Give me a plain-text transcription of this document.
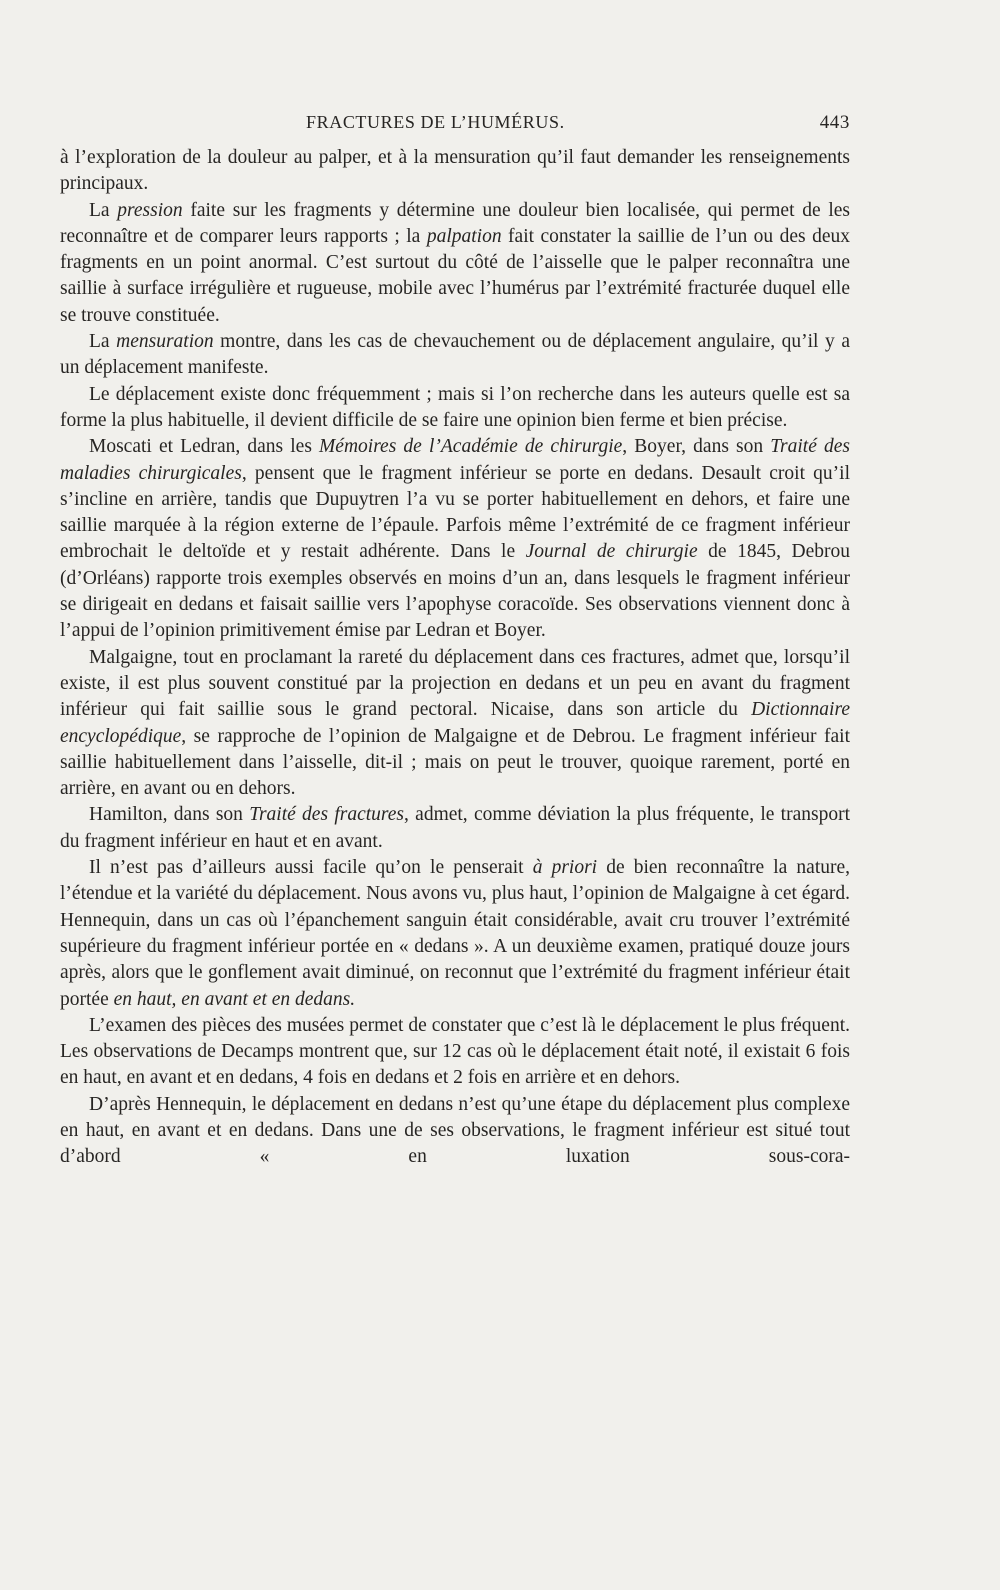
FRACTURES DE L’HUMÉRUS.	443

à l’exploration de la douleur au palper, et à la mensuration qu’il faut demander les renseignements principaux.

La pression faite sur les fragments y détermine une douleur bien localisée, qui permet de les reconnaître et de comparer leurs rapports ; la palpation fait constater la saillie de l’un ou des deux fragments en un point anormal. C’est surtout du côté de l’aisselle que le palper reconnaîtra une saillie à surface irrégulière et rugueuse, mobile avec l’humérus par l’extrémité fracturée duquel elle se trouve constituée.

La mensuration montre, dans les cas de chevauchement ou de déplacement angulaire, qu’il y a un déplacement manifeste.

Le déplacement existe donc fréquemment ; mais si l’on recherche dans les auteurs quelle est sa forme la plus habituelle, il devient difficile de se faire une opinion bien ferme et bien précise.

Moscati et Ledran, dans les Mémoires de l’Académie de chirurgie, Boyer, dans son Traité des maladies chirurgicales, pensent que le fragment inférieur se porte en dedans. Desault croit qu’il s’incline en arrière, tandis que Dupuytren l’a vu se porter habituellement en dehors, et faire une saillie marquée à la région externe de l’épaule. Parfois même l’extrémité de ce fragment inférieur embrochait le deltoïde et y restait adhérente. Dans le Journal de chirurgie de 1845, Debrou (d’Orléans) rapporte trois exemples observés en moins d’un an, dans lesquels le fragment inférieur se dirigeait en dedans et faisait saillie vers l’apophyse coracoïde. Ses observations viennent donc à l’appui de l’opinion primitivement émise par Ledran et Boyer.

Malgaigne, tout en proclamant la rareté du déplacement dans ces fractures, admet que, lorsqu’il existe, il est plus souvent constitué par la projection en dedans et un peu en avant du fragment inférieur qui fait saillie sous le grand pectoral. Nicaise, dans son article du Dictionnaire encyclopédique, se rapproche de l’opinion de Malgaigne et de Debrou. Le fragment inférieur fait saillie habituellement dans l’aisselle, dit-il ; mais on peut le trouver, quoique rarement, porté en arrière, en avant ou en dehors.

Hamilton, dans son Traité des fractures, admet, comme déviation la plus fréquente, le transport du fragment inférieur en haut et en avant.

Il n’est pas d’ailleurs aussi facile qu’on le penserait à priori de bien reconnaître la nature, l’étendue et la variété du déplacement. Nous avons vu, plus haut, l’opinion de Malgaigne à cet égard. Hennequin, dans un cas où l’épanchement sanguin était considérable, avait cru trouver l’extrémité supérieure du fragment inférieur portée en « dedans ». A un deuxième examen, pratiqué douze jours après, alors que le gonflement avait diminué, on reconnut que l’extrémité du fragment inférieur était portée en haut, en avant et en dedans.

L’examen des pièces des musées permet de constater que c’est là le déplacement le plus fréquent. Les observations de Decamps montrent que, sur 12 cas où le déplacement était noté, il existait 6 fois en haut, en avant et en dedans, 4 fois en dedans et 2 fois en arrière et en dehors.

D’après Hennequin, le déplacement en dedans n’est qu’une étape du déplacement plus complexe en haut, en avant et en dedans. Dans une de ses observations, le fragment inférieur est situé tout d’abord « en luxation sous-cora-
